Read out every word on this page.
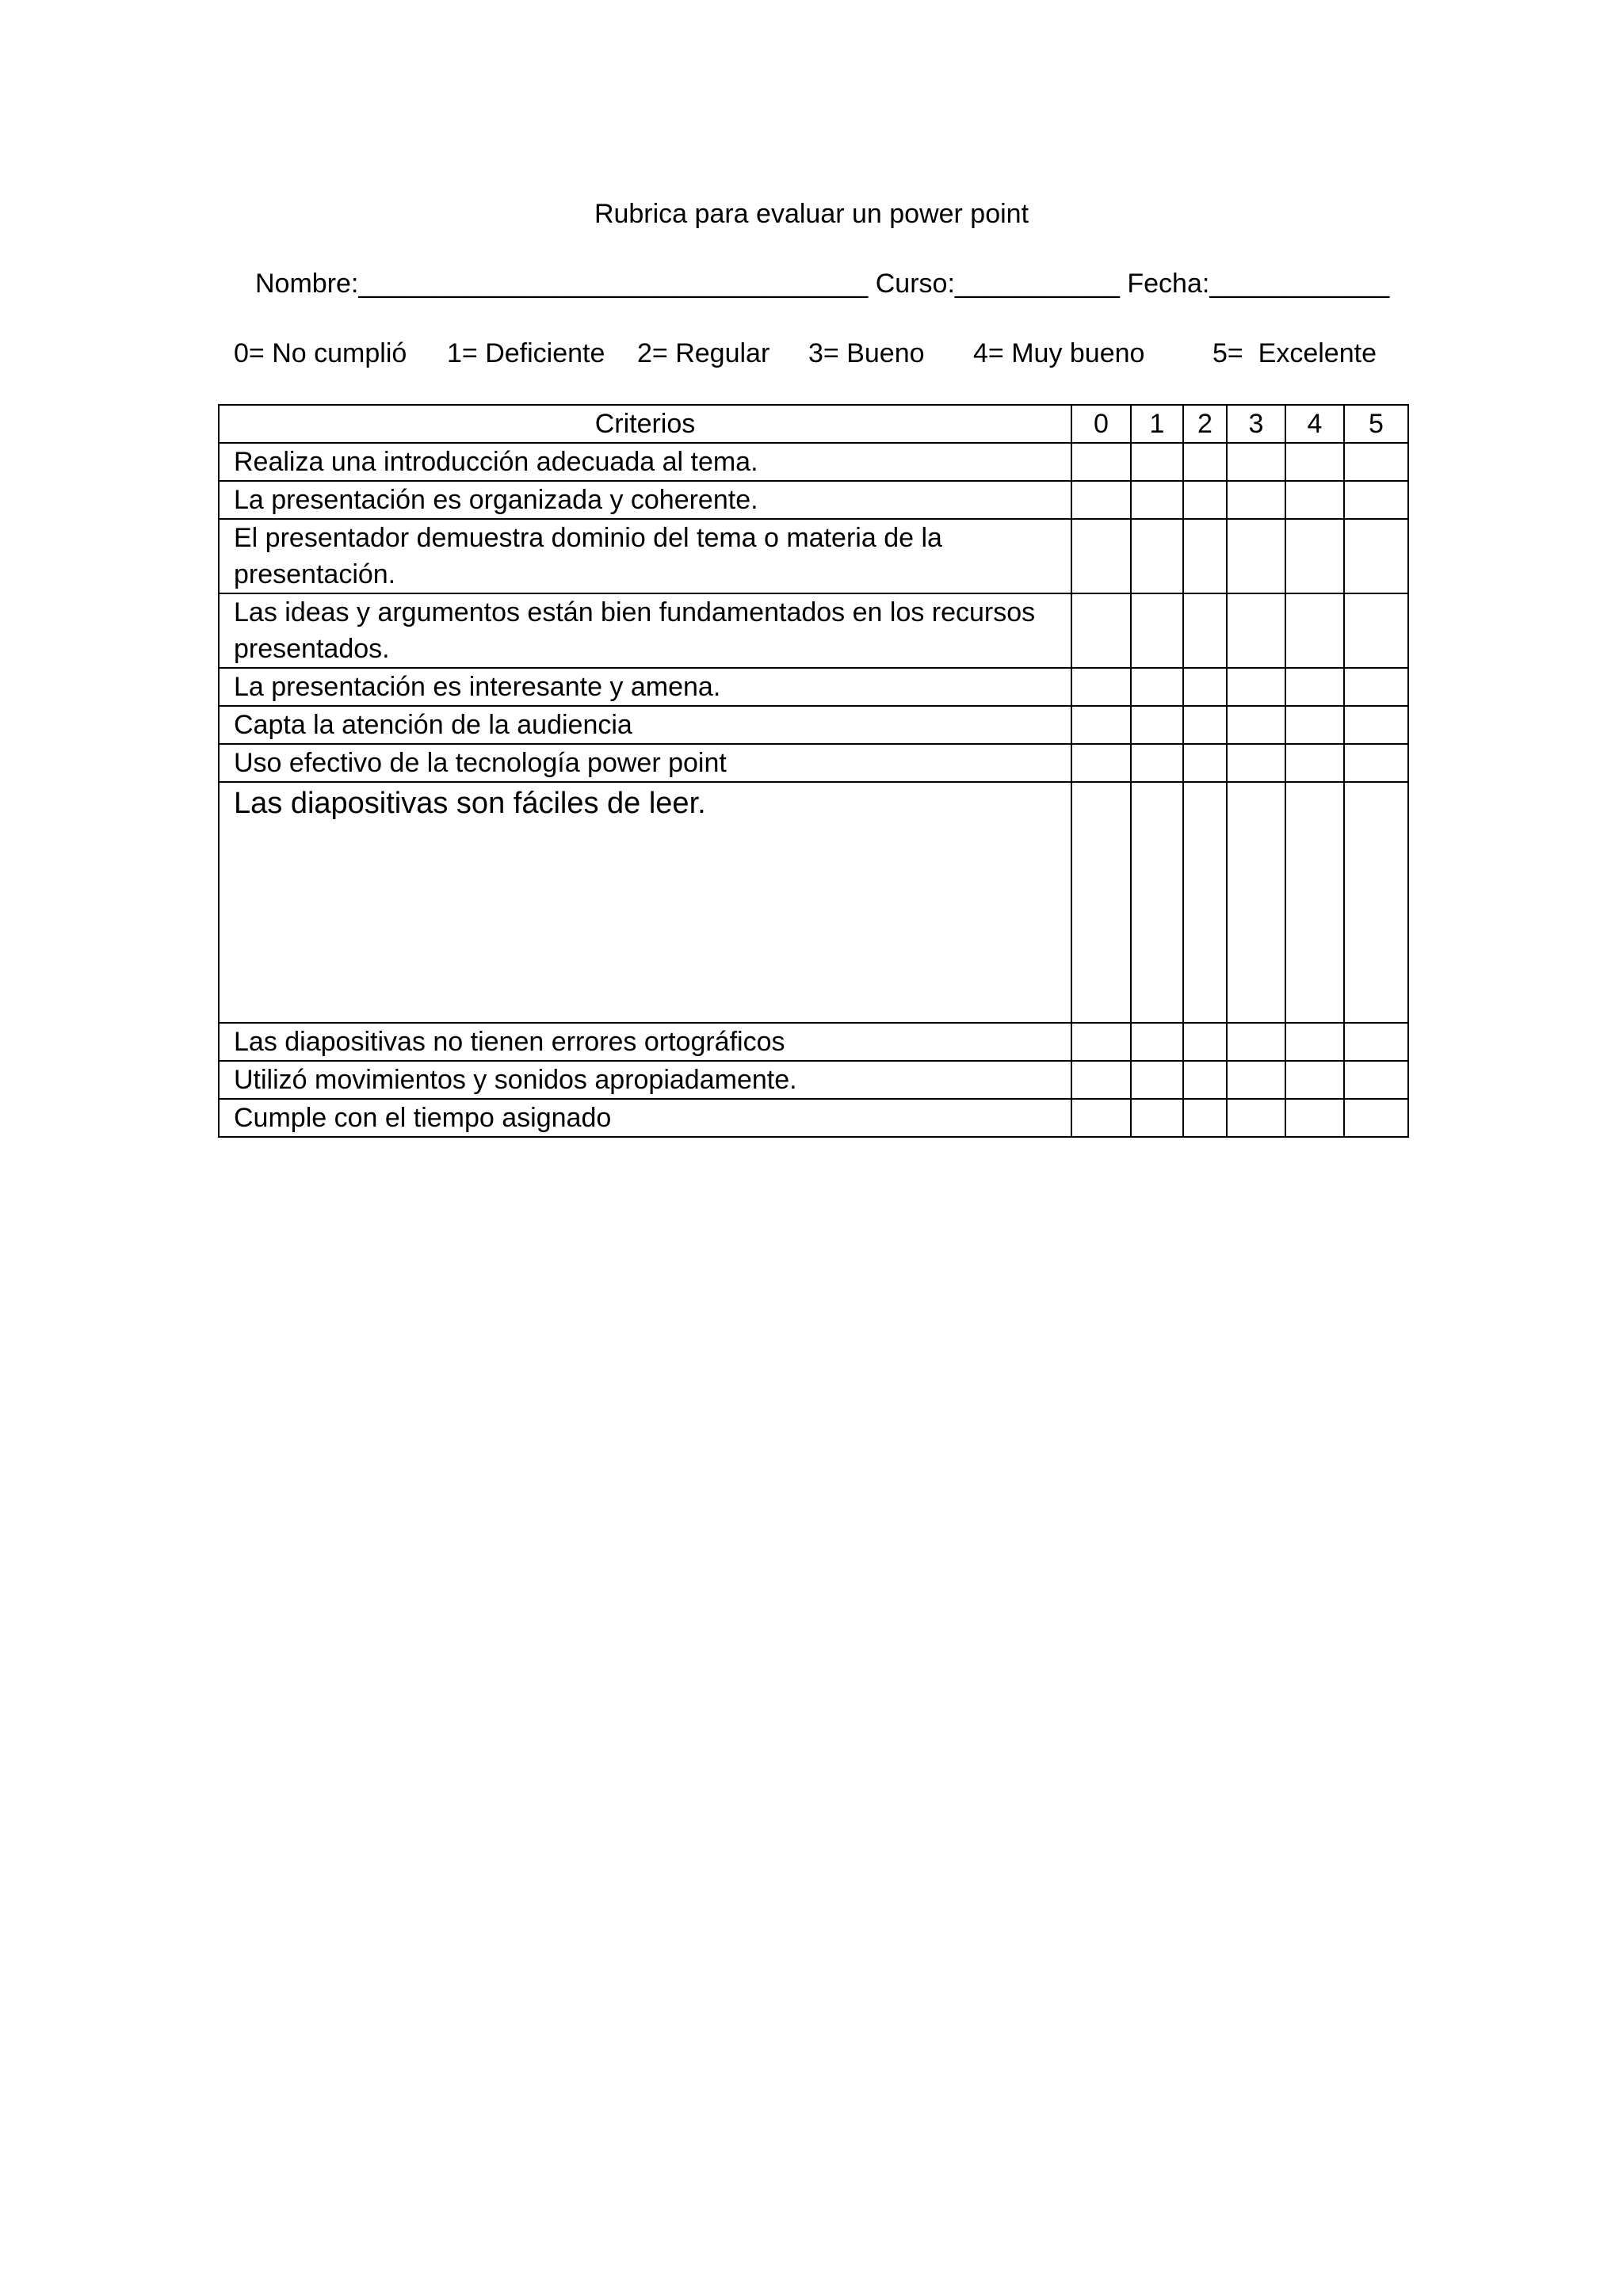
Rubrica para evaluar un power point
Nombre:__________________________________ Curso:___________ Fecha:____________
0= No cumplió 1= Deficiente 2= Regular 3= Bueno 4= Muy bueno	5=  Excelente
Criterios	0	1	2	3	4	5
Realiza una introducción adecuada al tema.						
La presentación es organizada y coherente.						
El presentador demuestra dominio del tema o materia de la presentación.						
Las ideas y argumentos están bien fundamentados en los recursos presentados.						
La presentación es interesante y amena.						
Capta la atención de la audiencia						
Uso efectivo de la tecnología power point						
Las diapositivas son fáciles de leer.						
Las diapositivas no tienen errores ortográficos						
Utilizó movimientos y sonidos apropiadamente.						
Cumple con el tiempo asignado						
